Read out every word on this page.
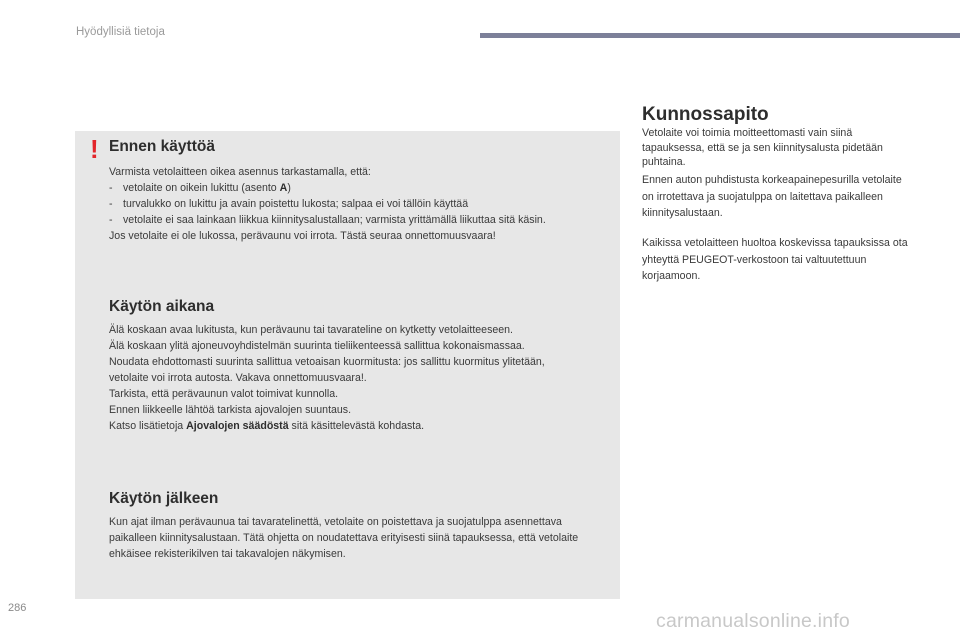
Hyödyllisiä tietoja
! Ennen käyttöä

Varmista vetolaitteen oikea asennus tarkastamalla, että:

- vetolaite on oikein lukittu (asento A)
- turvalukko on lukittu ja avain poistettu lukosta; salpaa ei voi tällöin käyttää
- vetolaite ei saa lainkaan liikkua kiinnitysalustallaan; varmista yrittämällä liikuttaa sitä käsin.

Jos vetolaite ei ole lukossa, perävaunu voi irrota. Tästä seuraa onnettomuusvaara!

Käytön aikana

Älä koskaan avaa lukitusta, kun perävaunu tai tavarateline on kytketty vetolaitteeseen.

Älä koskaan ylitä ajoneuvoyhdistelmän suurinta tieliikenteessä sallittua kokonaismassaa.

Noudata ehdottomasti suurinta sallittua vetoaisan kuormitusta: jos sallittu kuormitus ylitetään, vetolaite voi irrota autosta. Vakava onnettomuusvaara!.

Tarkista, että perävaunun valot toimivat kunnolla.

Ennen liikkeelle lähtöä tarkista ajovalojen suuntaus.

Katso lisätietoja Ajovalojen säädöstä sitä käsittelevästä kohdasta.

Käytön jälkeen

Kun ajat ilman perävaunua tai tavaratelinettä, vetolaite on poistettava ja suojatulppa asennettava paikalleen kiinnitysalustaan. Tätä ohjetta on noudatettava erityisesti siinä tapauksessa, että vetolaite ehkäisee rekisterikilven tai takavalojen näkymisen.

Kunnossapito

Vetolaite voi toimia moitteettomasti vain siinä tapauksessa, että se ja sen kiinnitysalusta pidetään puhtaina.

Ennen auton puhdistusta korkeapainepesurilla vetolaite on irrotettava ja suojatulppa on laitettava paikalleen kiinnitysalustaan.

Kaikissa vetolaitteen huoltoa koskevissa tapauksissa ota yhteyttä PEUGEOT-verkostoon tai valtuutettuun korjaamoon.

286
carmanualsonline.info
